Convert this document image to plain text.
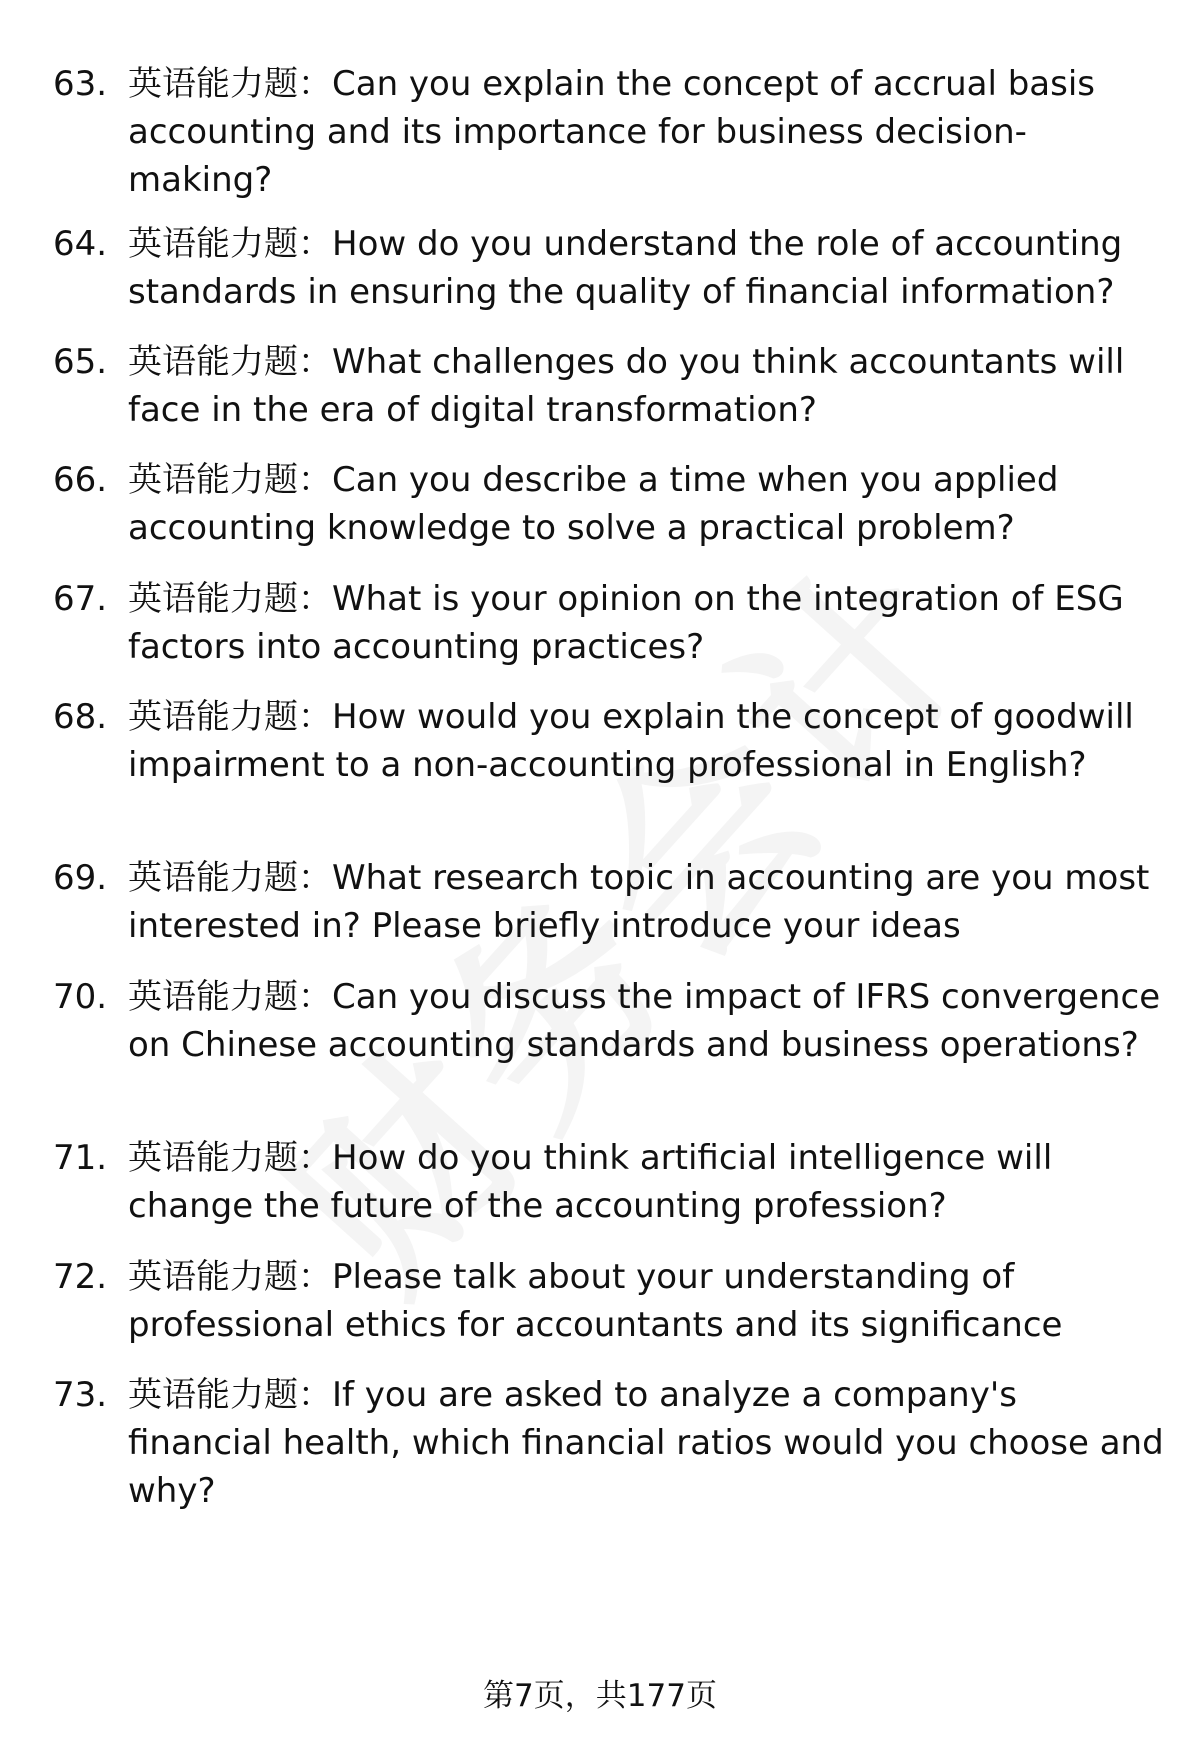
63. 英语能力题：Can you explain the concept of accrual basis accounting and its importance for business decision-making?
64. 英语能力题：How do you understand the role of accounting standards in ensuring the quality of financial information?
65. 英语能力题：What challenges do you think accountants will face in the era of digital transformation?
66. 英语能力题：Can you describe a time when you applied accounting knowledge to solve a practical problem?
67. 英语能力题：What is your opinion on the integration of ESG factors into accounting practices?
68. 英语能力题：How would you explain the concept of goodwill impairment to a non-accounting professional in English?
69. 英语能力题：What research topic in accounting are you most interested in? Please briefly introduce your ideas
70. 英语能力题：Can you discuss the impact of IFRS convergence on Chinese accounting standards and business operations?
71. 英语能力题：How do you think artificial intelligence will change the future of the accounting profession?
72. 英语能力题：Please talk about your understanding of professional ethics for accountants and its significance
73. 英语能力题：If you are asked to analyze a company's financial health, which financial ratios would you choose and why?
第7页，共177页
